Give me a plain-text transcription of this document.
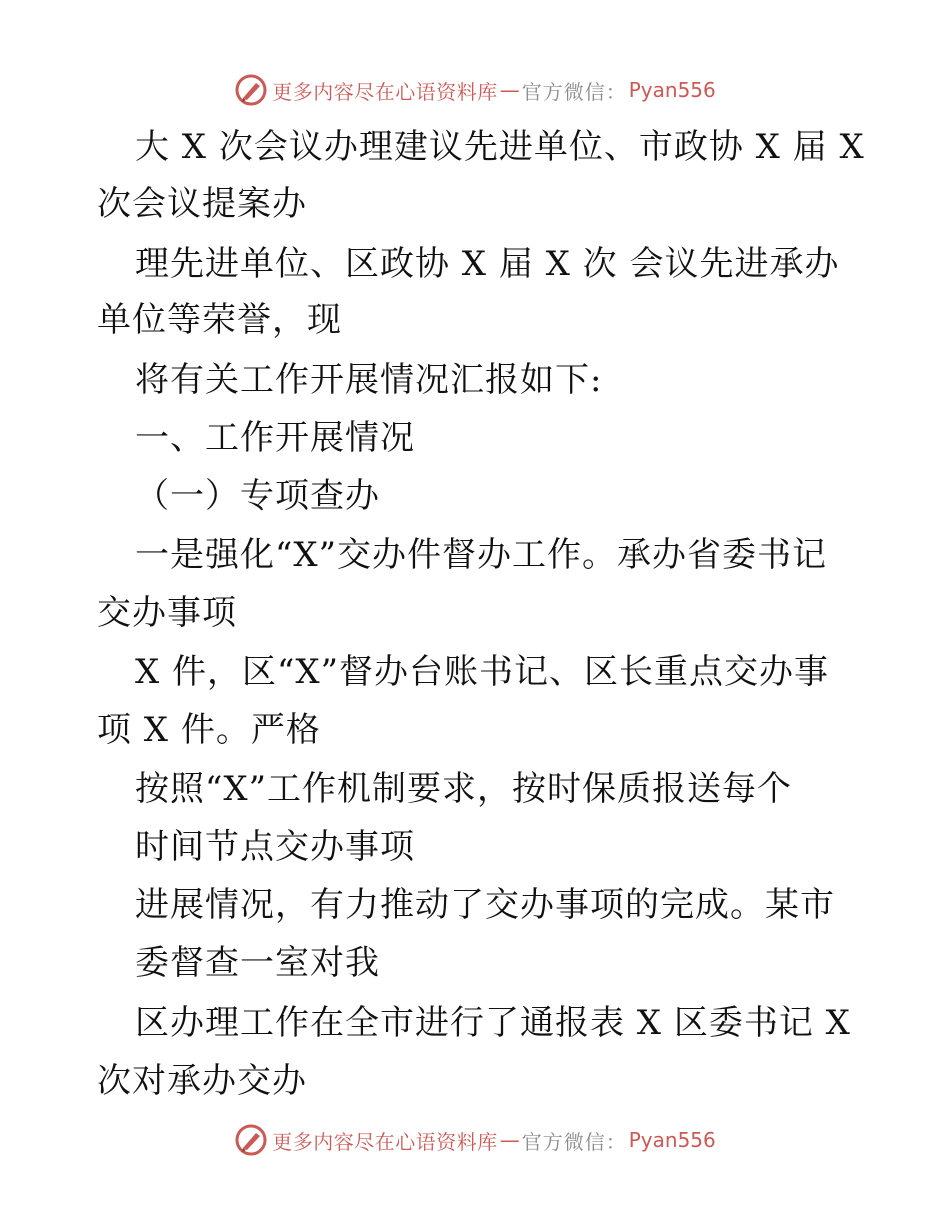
更多内容尽在心语资料库 — 官方微信： Pyan556
大 X 次会议办理建议先进单位、市政协 X 届 X
次会议提案办
理先进单位、区政协 X 届 X 次 会议先进承办
单位等荣誉，现
将有关工作开展情况汇报如下:
一、工作开展情况
（一）专项查办
一是强化“X”交办件督办工作。承办省委书记
交办事项
X 件，区“X”督办台账书记、区长重点交办事
项 X 件。严格
按照“X”工作机制要求，按时保质报送每个
时间节点交办事项
进展情况，有力推动了交办事项的完成。某市
委督查一室对我
区办理工作在全市进行了通报表 X 区委书记 X
次对承办交办
更多内容尽在心语资料库 — 官方微信： Pyan556
